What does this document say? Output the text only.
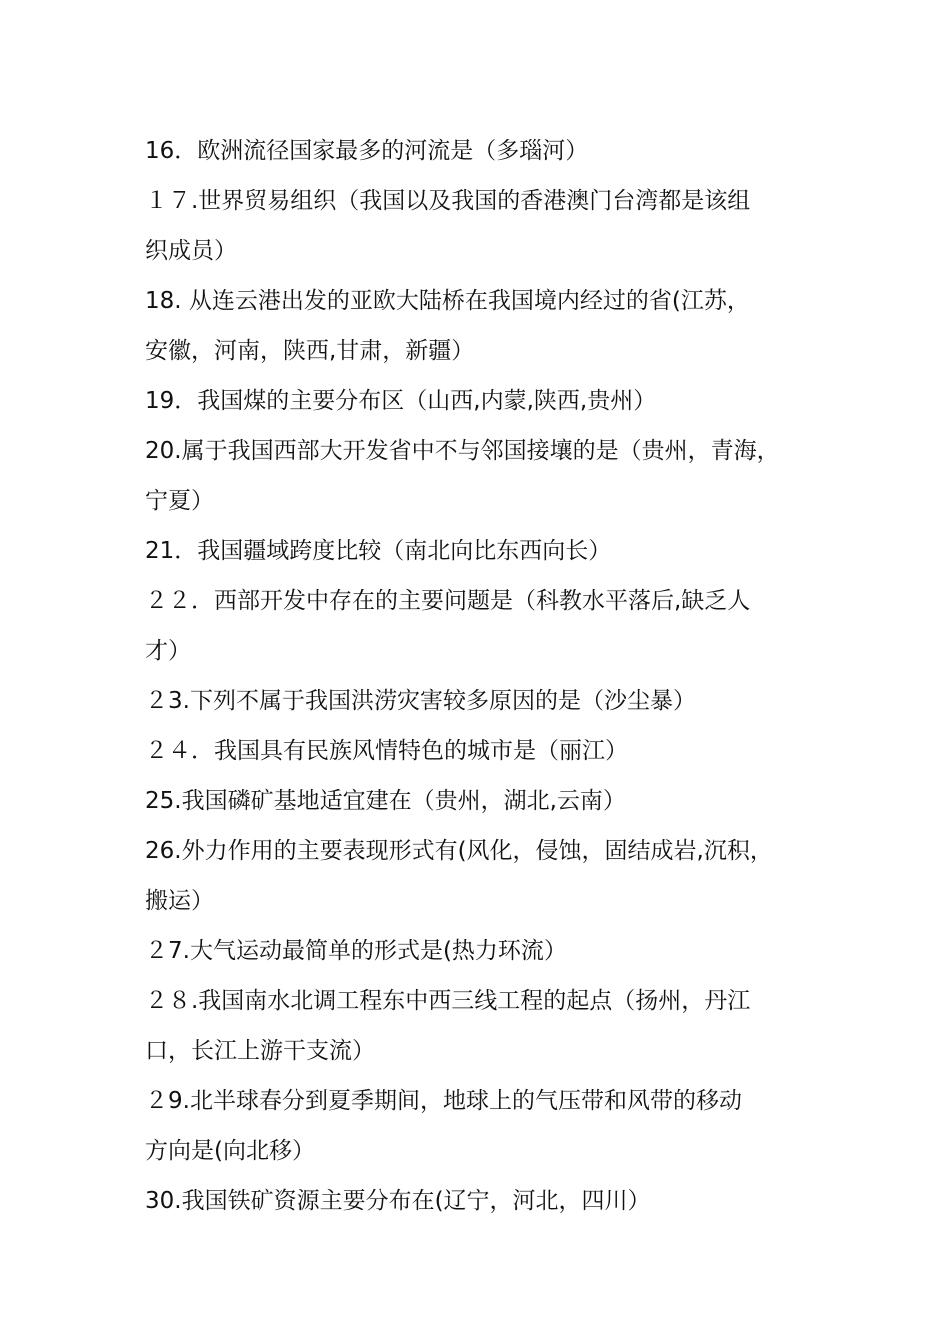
16．欧洲流径国家最多的河流是（多瑙河）
１７.世界贸易组织（我国以及我国的香港澳门台湾都是该组
织成员）
18. 从连云港出发的亚欧大陆桥在我国境内经过的省(江苏，
安徽，河南，陕西,甘肃，新疆）
19．我国煤的主要分布区（山西,内蒙,陕西,贵州）
20.属于我国西部大开发省中不与邻国接壤的是（贵州，青海，
宁夏）
21．我国疆域跨度比较（南北向比东西向长）
２２．西部开发中存在的主要问题是（科教水平落后,缺乏人
才）
２3.下列不属于我国洪涝灾害较多原因的是（沙尘暴）
２４．我国具有民族风情特色的城市是（丽江）
25.我国磷矿基地适宜建在（贵州，湖北,云南）
26.外力作用的主要表现形式有(风化，侵蚀，固结成岩,沉积，
搬运）
２7.大气运动最简单的形式是(热力环流）
２８.我国南水北调工程东中西三线工程的起点（扬州，丹江
口，长江上游干支流）
２9.北半球春分到夏季期间，地球上的气压带和风带的移动
方向是(向北移）
30.我国铁矿资源主要分布在(辽宁，河北，四川）
